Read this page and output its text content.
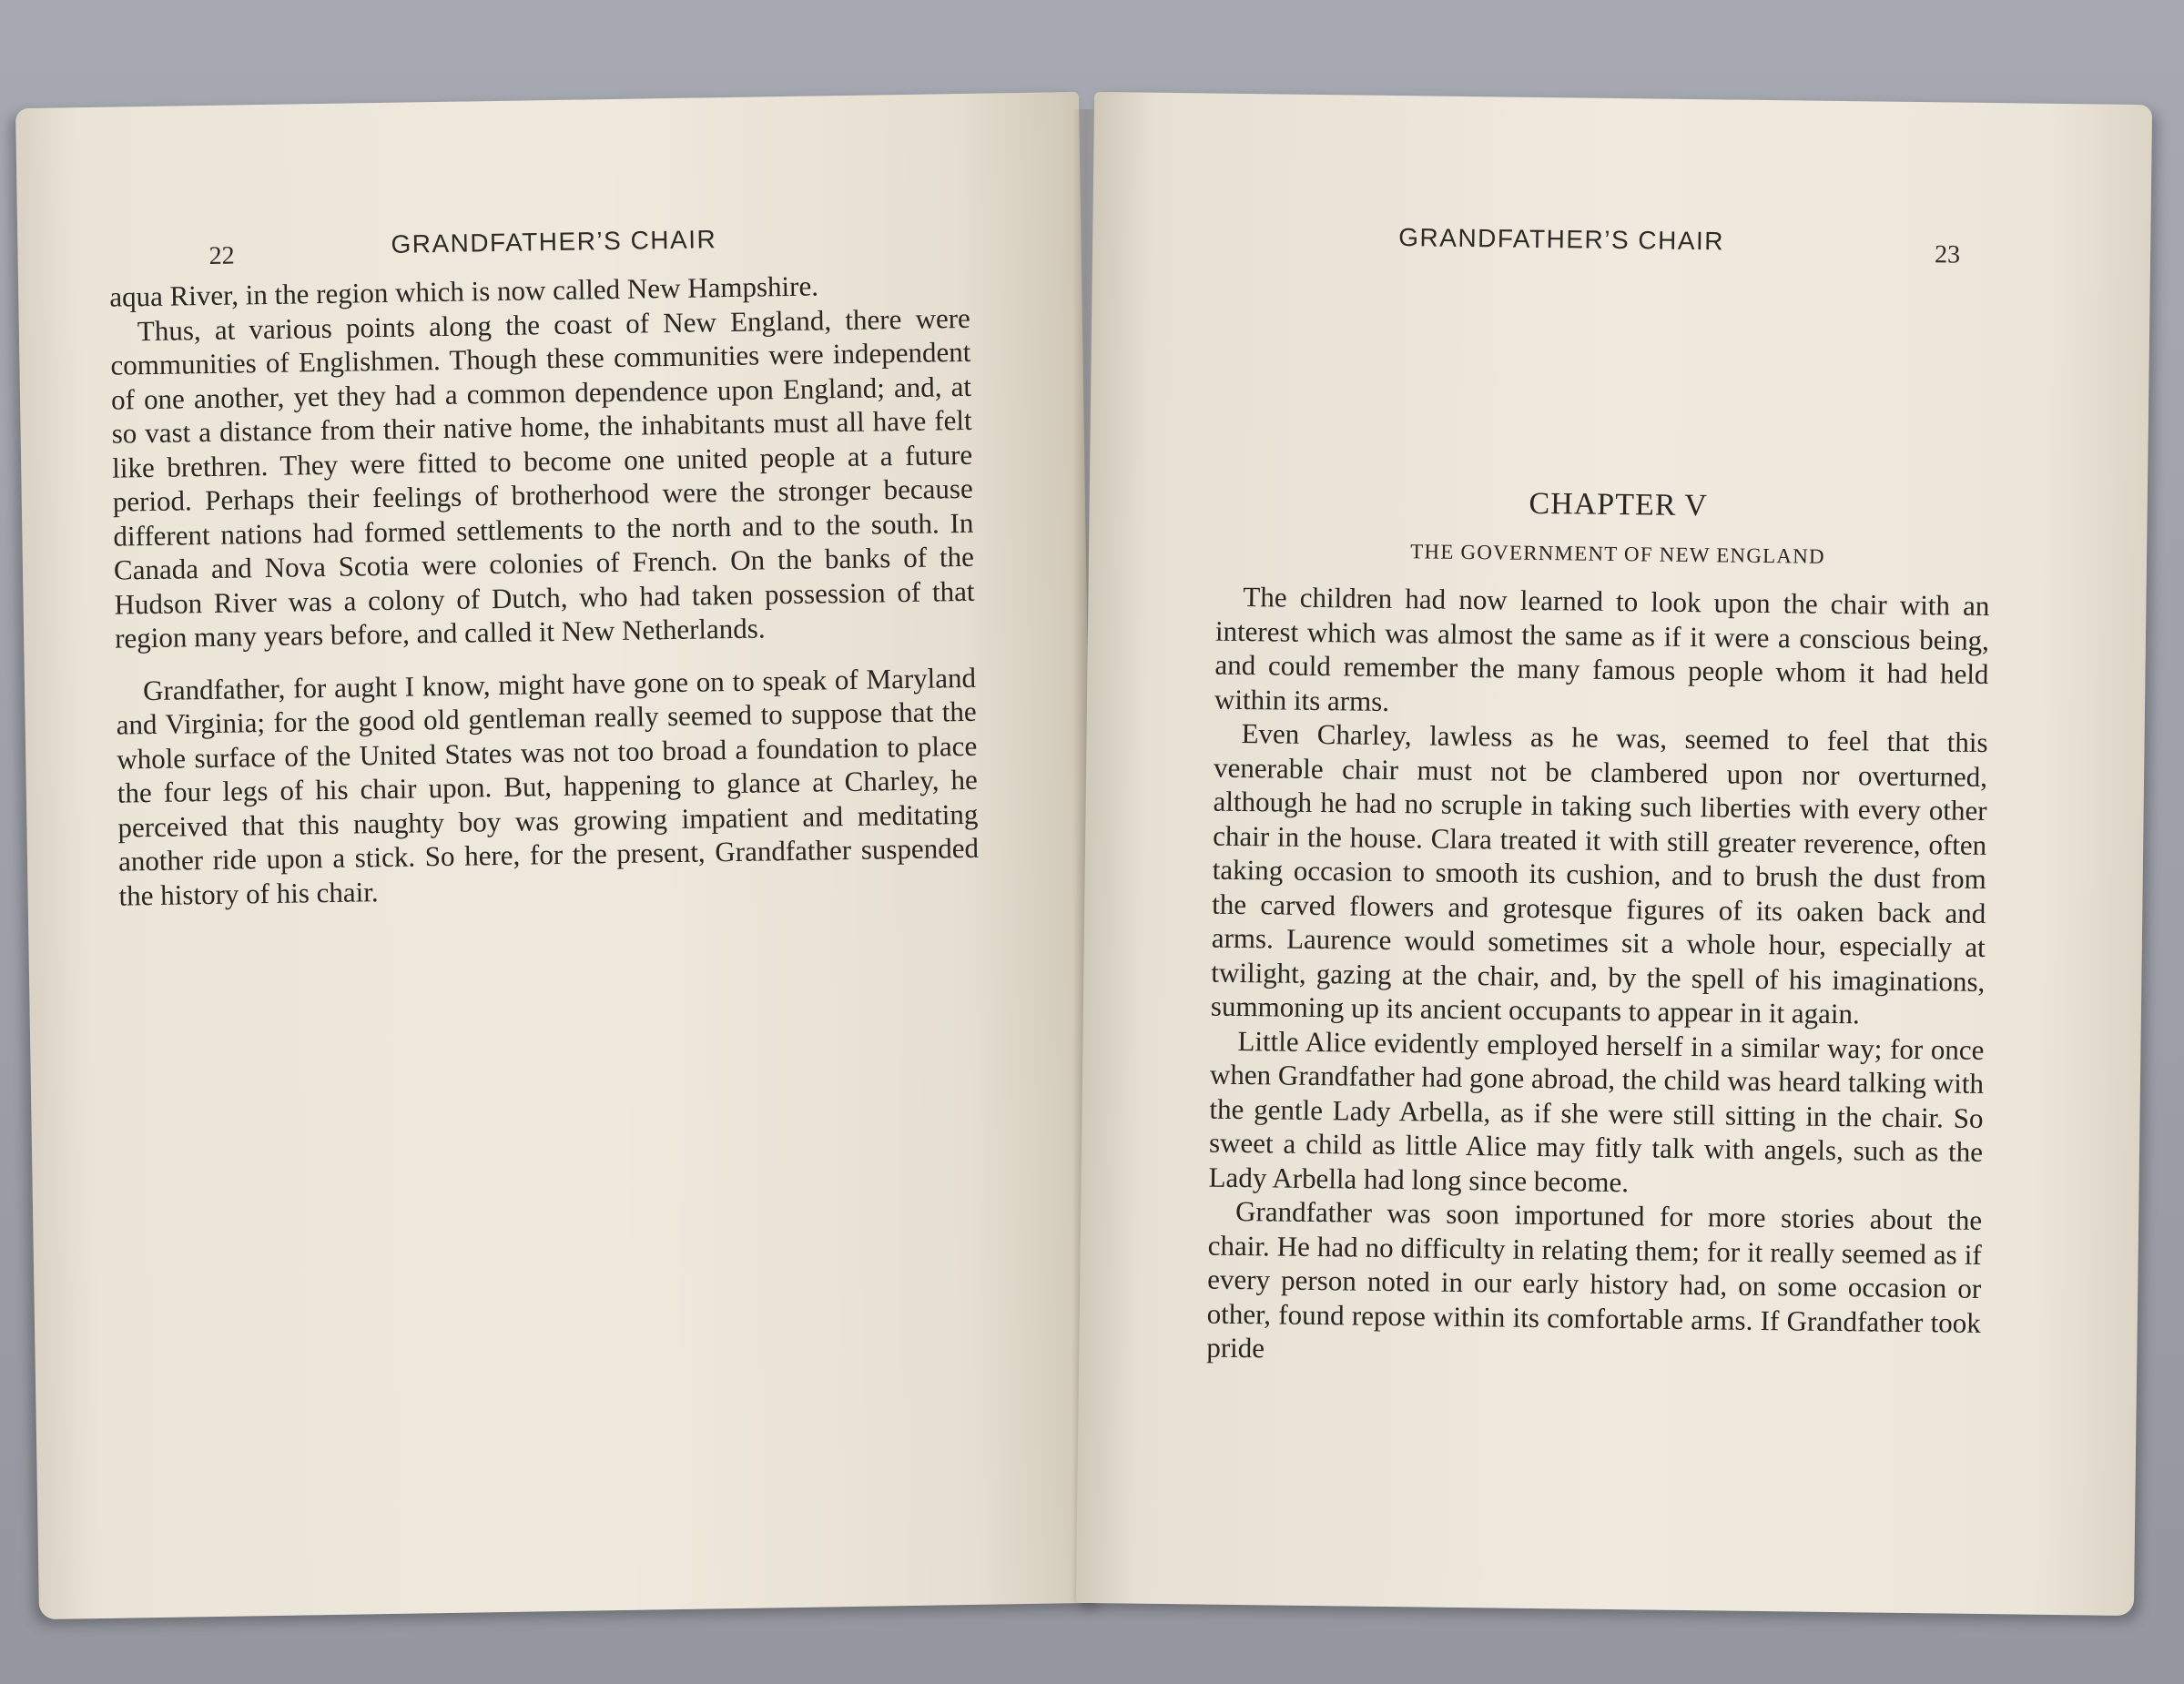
22	GRANDFATHER’S CHAIR

aqua River, in the region which is now called New Hampshire.

Thus, at various points along the coast of New England, there were communities of Englishmen. Though these communities were independent of one another, yet they had a common dependence upon England; and, at so vast a distance from their native home, the inhabitants must all have felt like brethren. They were fitted to become one united people at a future period. Perhaps their feelings of brotherhood were the stronger because different nations had formed settlements to the north and to the south. In Canada and Nova Scotia were colonies of French. On the banks of the Hudson River was a colony of Dutch, who had taken possession of that region many years before, and called it New Netherlands.

Grandfather, for aught I know, might have gone on to speak of Maryland and Virginia; for the good old gentleman really seemed to suppose that the whole surface of the United States was not too broad a foundation to place the four legs of his chair upon. But, happening to glance at Charley, he perceived that this naughty boy was growing impatient and meditating another ride upon a stick. So here, for the present, Grandfather suspended the history of his chair.

GRANDFATHER’S CHAIR	23
CHAPTER V
THE GOVERNMENT OF NEW ENGLAND

The children had now learned to look upon the chair with an interest which was almost the same as if it were a conscious being, and could remember the many famous people whom it had held within its arms.

Even Charley, lawless as he was, seemed to feel that this venerable chair must not be clambered upon nor overturned, although he had no scruple in taking such liberties with every other chair in the house. Clara treated it with still greater reverence, often taking occasion to smooth its cushion, and to brush the dust from the carved flowers and grotesque figures of its oaken back and arms. Laurence would sometimes sit a whole hour, especially at twilight, gazing at the chair, and, by the spell of his imaginations, summoning up its ancient occupants to appear in it again.

Little Alice evidently employed herself in a similar way; for once when Grandfather had gone abroad, the child was heard talking with the gentle Lady Arbella, as if she were still sitting in the chair. So sweet a child as little Alice may fitly talk with angels, such as the Lady Arbella had long since become.

Grandfather was soon importuned for more stories about the chair. He had no difficulty in relating them; for it really seemed as if every person noted in our early history had, on some occasion or other, found repose within its comfortable arms. If Grandfather took pride
